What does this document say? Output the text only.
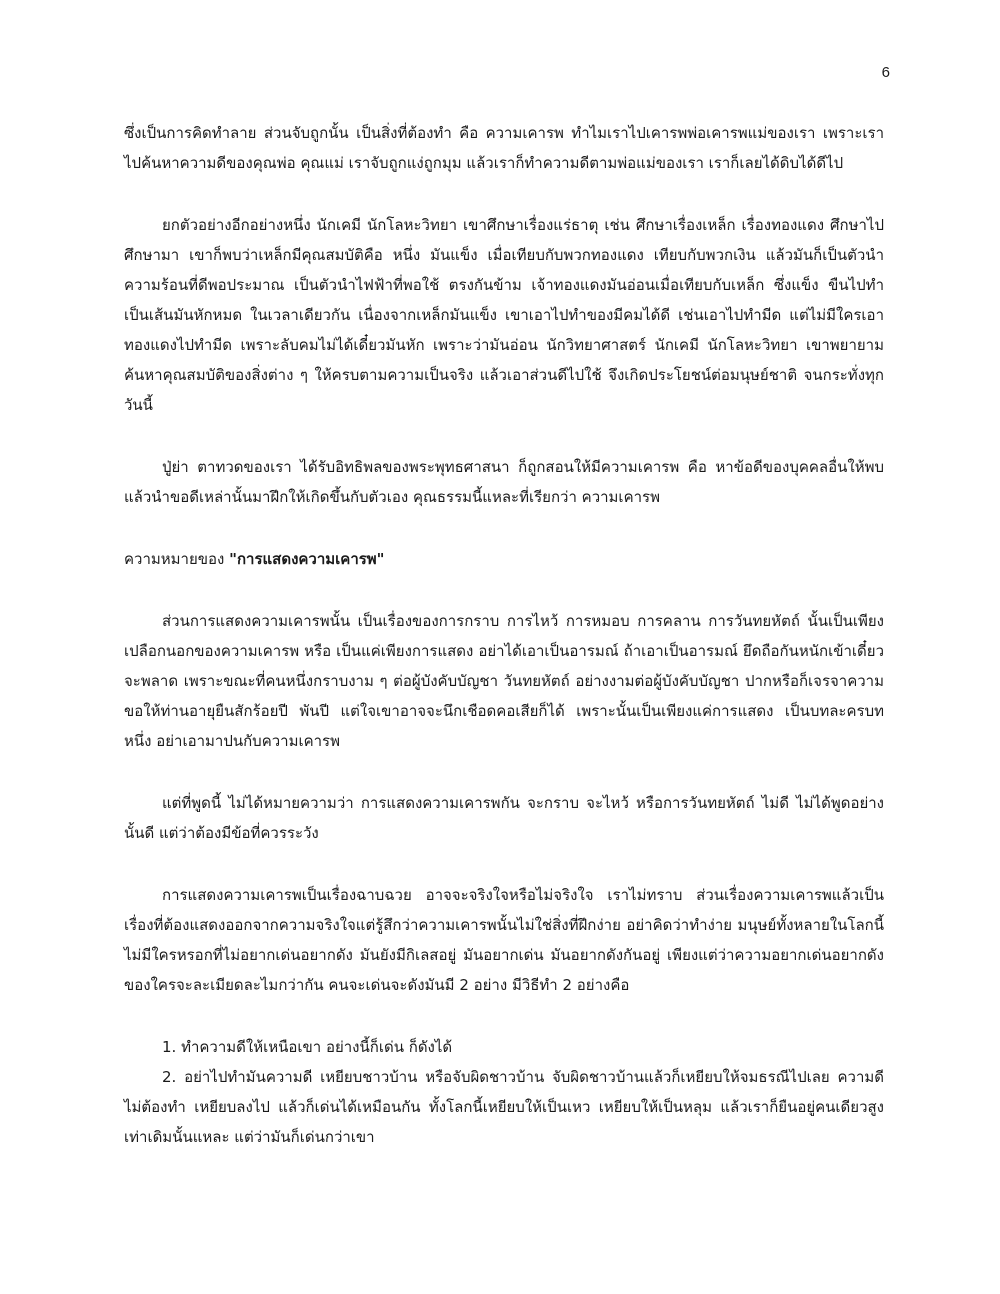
6

ซึ่งเป็นการคิดทำลาย ส่วนจับถูกนั้น เป็นสิ่งที่ต้องทำ คือ ความเคารพ ทำไมเราไปเคารพพ่อเคารพแม่ของเรา เพราะเราไปค้นหาความดีของคุณพ่อ คุณแม่ เราจับถูกแง่ถูกมุม แล้วเราก็ทำความดีตามพ่อแม่ของเรา เราก็เลยได้ดิบได้ดีไป

ยกตัวอย่างอีกอย่างหนึ่ง นักเคมี นักโลหะวิทยา เขาศึกษาเรื่องแร่ธาตุ เช่น ศึกษาเรื่องเหล็ก เรื่องทองแดง ศึกษาไปศึกษามา เขาก็พบว่าเหล็กมีคุณสมบัติคือ หนึ่ง มันแข็ง เมื่อเทียบกับพวกทองแดง เทียบกับพวกเงิน แล้วมันก็เป็นตัวนำความร้อนที่ดีพอประมาณ เป็นตัวนำไฟฟ้าที่พอใช้ ตรงกันข้าม เจ้าทองแดงมันอ่อนเมื่อเทียบกับเหล็ก ซึ่งแข็ง ขืนไปทำเป็นเส้นมันหักหมด ในเวลาเดียวกัน เนื่องจากเหล็กมันแข็ง เขาเอาไปทำของมีคมได้ดี เช่นเอาไปทำมีด แต่ไม่มีใครเอาทองแดงไปทำมีด เพราะลับคมไม่ได้เดี๋ยวมันหัก เพราะว่ามันอ่อน นักวิทยาศาสตร์ นักเคมี นักโลหะวิทยา เขาพยายามค้นหาคุณสมบัติของสิ่งต่าง ๆ ให้ครบตามความเป็นจริง แล้วเอาส่วนดีไปใช้ จึงเกิดประโยชน์ต่อมนุษย์ชาติ จนกระทั่งทุกวันนี้

ปู่ย่า ตาทวดของเรา ได้รับอิทธิพลของพระพุทธศาสนา ก็ถูกสอนให้มีความเคารพ คือ หาข้อดีของบุคคลอื่นให้พบ แล้วนำขอดีเหล่านั้นมาฝึกให้เกิดขึ้นกับตัวเอง คุณธรรมนี้แหละที่เรียกว่า ความเคารพ

ความหมายของ "การแสดงความเคารพ"

ส่วนการแสดงความเคารพนั้น เป็นเรื่องของการกราบ การไหว้ การหมอบ การคลาน การวันทยหัตถ์ นั้นเป็นเพียงเปลือกนอกของความเคารพ หรือ เป็นแค่เพียงการแสดง อย่าได้เอาเป็นอารมณ์ ถ้าเอาเป็นอารมณ์ ยึดถือกันหนักเข้าเดี๋ยวจะพลาด เพราะขณะที่คนหนึ่งกราบงาม ๆ ต่อผู้บังคับบัญชา วันทยหัตถ์ อย่างงามต่อผู้บังคับบัญชา ปากหรือก็เจรจาความ ขอให้ท่านอายุยืนสักร้อยปี พันปี แต่ใจเขาอาจจะนึกเชือดคอเสียก็ได้ เพราะนั้นเป็นเพียงแค่การแสดง เป็นบทละครบทหนึ่ง อย่าเอามาปนกับความเคารพ

แต่ที่พูดนี้ ไม่ได้หมายความว่า การแสดงความเคารพกัน จะกราบ จะไหว้ หรือการวันทยหัตถ์ ไม่ดี ไม่ได้พูดอย่างนั้นดี แต่ว่าต้องมีข้อที่ควรระวัง

การแสดงความเคารพเป็นเรื่องฉาบฉวย อาจจะจริงใจหรือไม่จริงใจ เราไม่ทราบ ส่วนเรื่องความเคารพแล้วเป็นเรื่องที่ต้องแสดงออกจากความจริงใจแต่รู้สึกว่าความเคารพนั้นไม่ใช่สิ่งที่ฝึกง่าย อย่าคิดว่าทำง่าย มนุษย์ทั้งหลายในโลกนี้ไม่มีใครหรอกที่ไม่อยากเด่นอยากดัง มันยังมีกิเลสอยู่ มันอยากเด่น มันอยากดังกันอยู่ เพียงแต่ว่าความอยากเด่นอยากดังของใครจะละเมียดละไมกว่ากัน คนจะเด่นจะดังมันมี 2 อย่าง มีวิธีทำ 2 อย่างคือ

1. ทำความดีให้เหนือเขา อย่างนี้ก็เด่น ก็ดังได้

2. อย่าไปทำมันความดี เหยียบชาวบ้าน หรือจับผิดชาวบ้าน จับผิดชาวบ้านแล้วก็เหยียบให้จมธรณีไปเลย ความดีไม่ต้องทำ เหยียบลงไป แล้วก็เด่นได้เหมือนกัน ทั้งโลกนี้เหยียบให้เป็นเหว เหยียบให้เป็นหลุม แล้วเราก็ยืนอยู่คนเดียวสูงเท่าเดิมนั้นแหละ แต่ว่ามันก็เด่นกว่าเขา
